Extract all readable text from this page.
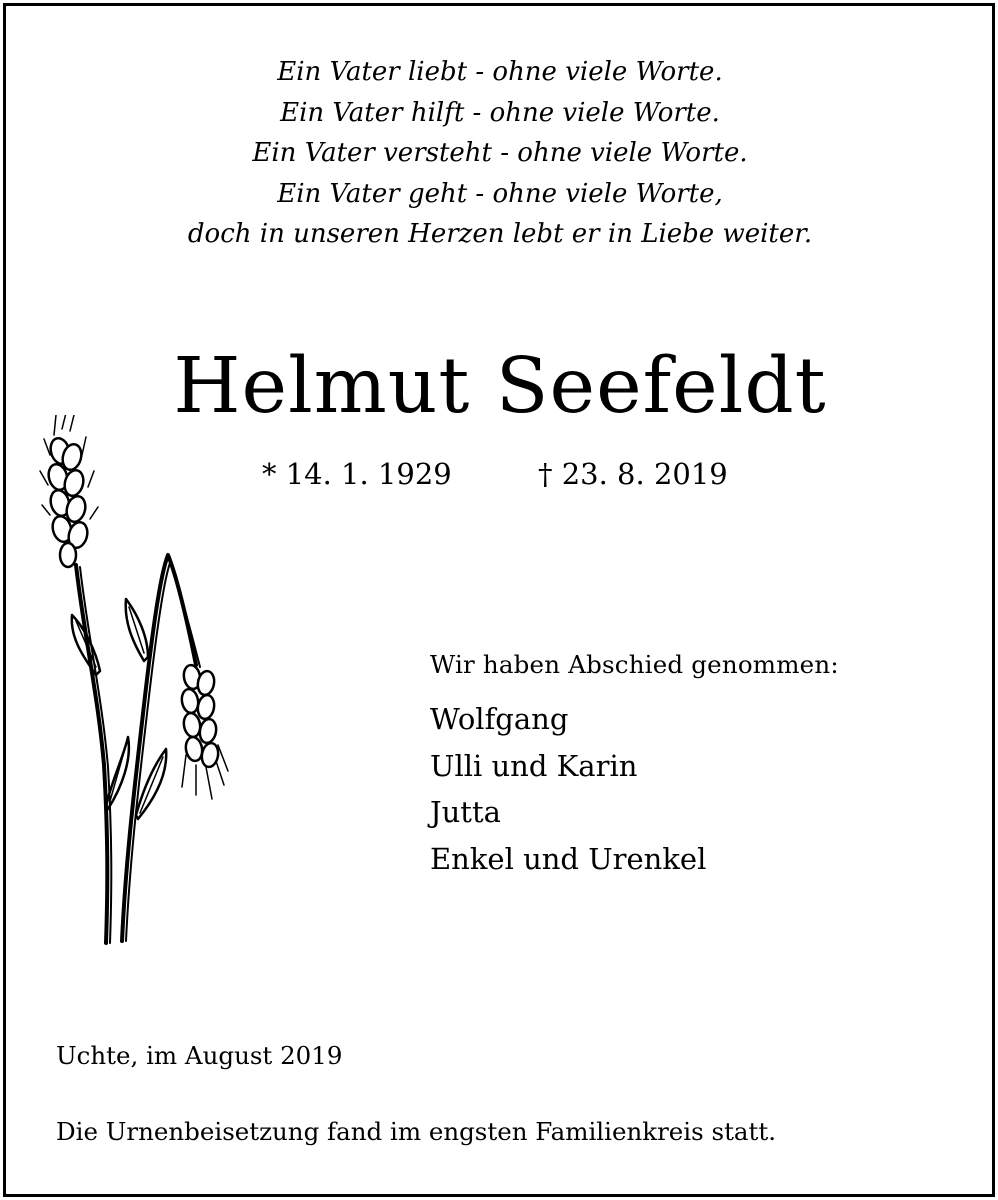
Ein Vater liebt - ohne viele Worte.
Ein Vater hilft - ohne viele Worte.
Ein Vater versteht - ohne viele Worte.
Ein Vater geht - ohne viele Worte,
doch in unseren Herzen lebt er in Liebe weiter.
Helmut Seefeldt
* 14. 1. 1929	† 23. 8. 2019
Wir haben Abschied genommen:
Wolfgang
Ulli und Karin
Jutta
Enkel und Urenkel
Uchte, im August 2019
Die Urnenbeisetzung fand im engsten Familienkreis statt.
